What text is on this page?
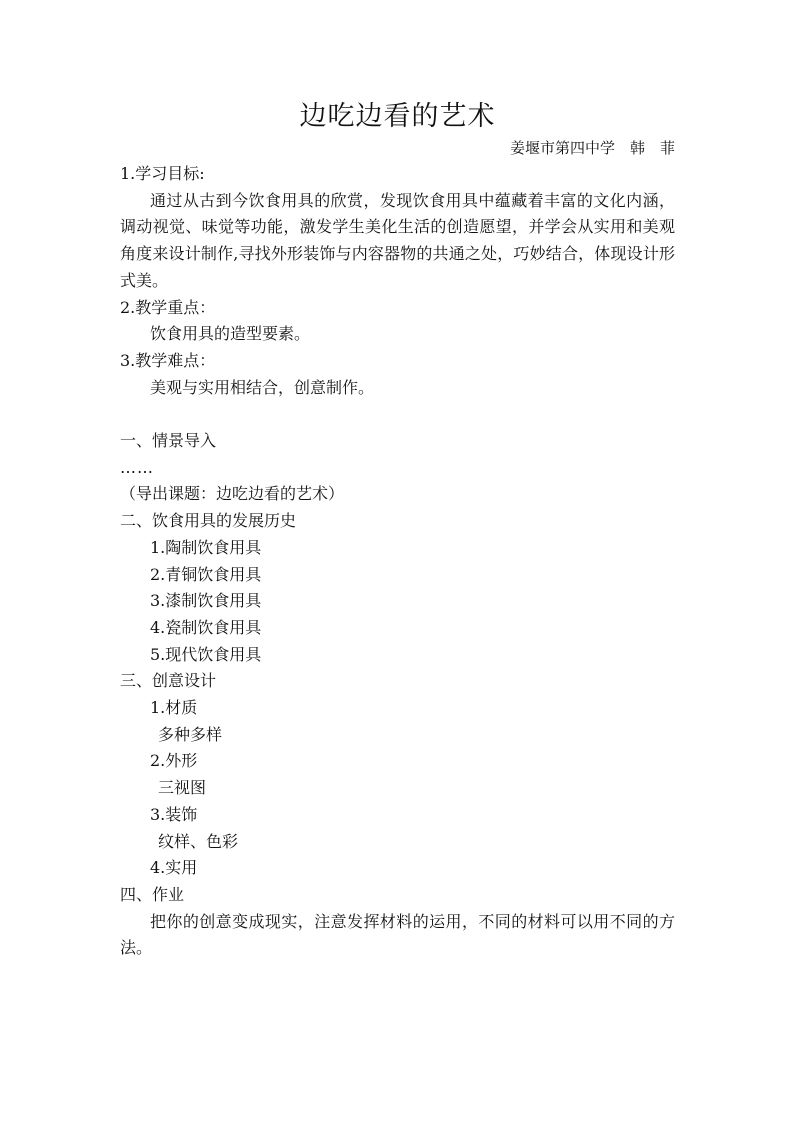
边吃边看的艺术
姜堰市第四中学　韩　菲
1.学习目标:
通过从古到今饮食用具的欣赏，发现饮食用具中蕴藏着丰富的文化内涵，调动视觉、味觉等功能，激发学生美化生活的创造愿望，并学会从实用和美观角度来设计制作,寻找外形装饰与内容器物的共通之处，巧妙结合，体现设计形式美。
2.教学重点：
饮食用具的造型要素。
3.教学难点：
美观与实用相结合，创意制作。
一、情景导入
……
（导出课题：边吃边看的艺术）
二、饮食用具的发展历史
1.陶制饮食用具
2.青铜饮食用具
3.漆制饮食用具
4.瓷制饮食用具
5.现代饮食用具
三、创意设计
1.材质
多种多样
2.外形
三视图
3.装饰
纹样、色彩
4.实用
四、作业
把你的创意变成现实，注意发挥材料的运用，不同的材料可以用不同的方法。
